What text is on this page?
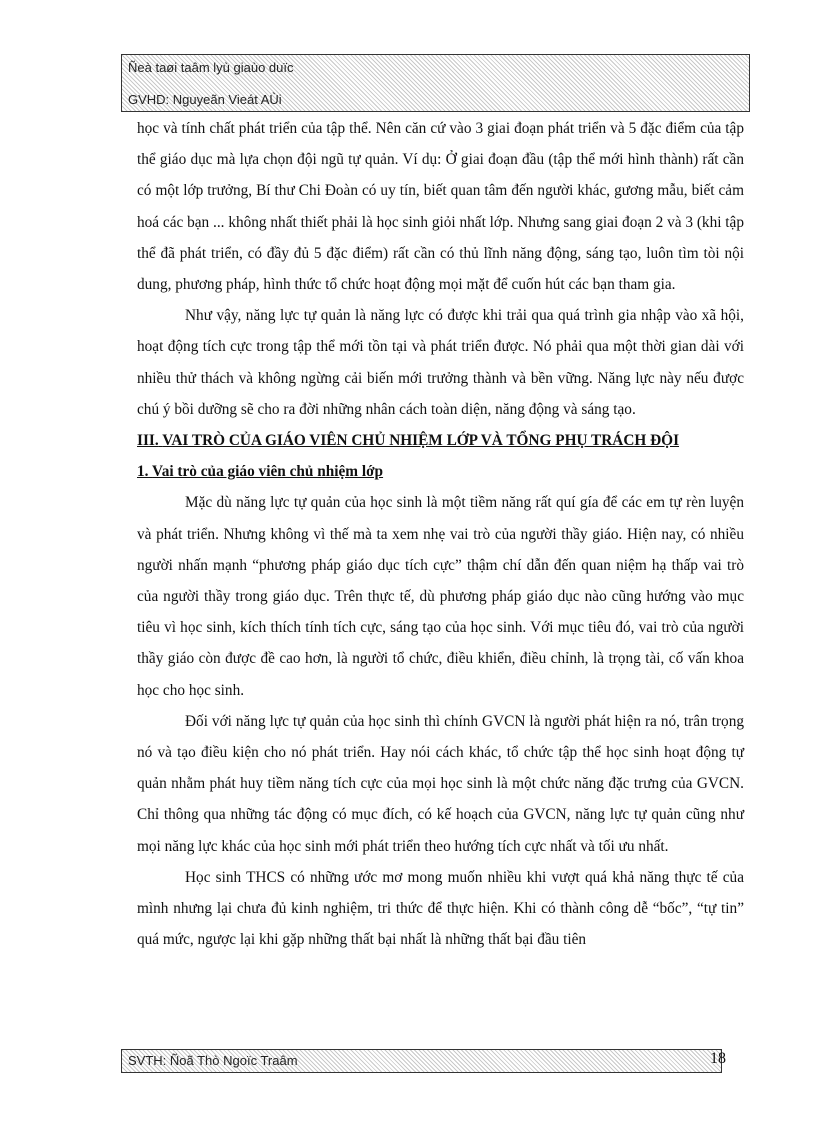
Ñeà taøi taâm lyù giaùo duïc
GVHD: Nguyeãn Vieát AÙi

học và tính chất phát triển của tập thể. Nên căn cứ vào 3 giai đoạn phát triển và 5 đặc điểm của tập thể giáo dục mà lựa chọn đội ngũ tự quản. Ví dụ: Ở giai đoạn đầu (tập thể mới hình thành) rất cần có một lớp trưởng, Bí thư Chi Đoàn có uy tín, biết quan tâm đến người khác, gương mẫu, biết cảm hoá các bạn ... không nhất thiết phải là học sinh giỏi nhất lớp. Nhưng sang giai đoạn 2 và 3 (khi tập thể đã phát triển, có đầy đủ 5 đặc điểm) rất cần có thủ lĩnh năng động, sáng tạo, luôn tìm tòi nội dung, phương pháp, hình thức tổ chức hoạt động mọi mặt để cuốn hút các bạn tham gia.

Như vậy, năng lực tự quản là năng lực có được khi trải qua quá trình gia nhập vào xã hội, hoạt động tích cực trong tập thể mới tồn tại và phát triển được. Nó phải qua một thời gian dài với nhiều thử thách và không ngừng cải biến mới trưởng thành và bền vững. Năng lực này nếu được chú ý bồi dưỡng sẽ cho ra đời những nhân cách toàn diện, năng động và sáng tạo.

III. VAI TRÒ CỦA GIÁO VIÊN CHỦ NHIỆM LỚP VÀ TỔNG PHỤ TRÁCH ĐỘI

1. Vai trò của giáo viên chủ nhiệm lớp

Mặc dù năng lực tự quản của học sinh là một tiềm năng rất quí gía để các em tự rèn luyện và phát triển. Nhưng không vì thế mà ta xem nhẹ vai trò của người thầy giáo. Hiện nay, có nhiều người nhấn mạnh “phương pháp giáo dục tích cực” thậm chí dẫn đến quan niệm hạ thấp vai trò của người thầy trong giáo dục. Trên thực tế, dù phương pháp giáo dục nào cũng hướng vào mục tiêu vì học sinh, kích thích tính tích cực, sáng tạo của học sinh. Với mục tiêu đó, vai trò của người thầy giáo còn được đề cao hơn, là người tổ chức, điều khiển, điều chỉnh, là trọng tài, cố vấn khoa học cho học sinh.

Đối với năng lực tự quản của học sinh thì chính GVCN là người phát hiện ra nó, trân trọng nó và tạo điều kiện cho nó phát triển. Hay nói cách khác, tổ chức tập thể học sinh hoạt động tự quản nhằm phát huy tiềm năng tích cực của mọi học sinh là một chức năng đặc trưng của GVCN. Chỉ thông qua những tác động có mục đích, có kế hoạch của GVCN, năng lực tự quản cũng như mọi năng lực khác của học sinh mới phát triển theo hướng tích cực nhất và tối ưu nhất.

Học sinh THCS có những ước mơ mong muốn nhiều khi vượt quá khả năng thực tế của mình nhưng lại chưa đủ kinh nghiệm, tri thức để thực hiện. Khi có thành công dễ “bốc”, “tự tin” quá mức, ngược lại khi gặp những thất bại nhất là những thất bại đầu tiên

SVTH: Ñoã Thò Ngoïc Traâm	18
